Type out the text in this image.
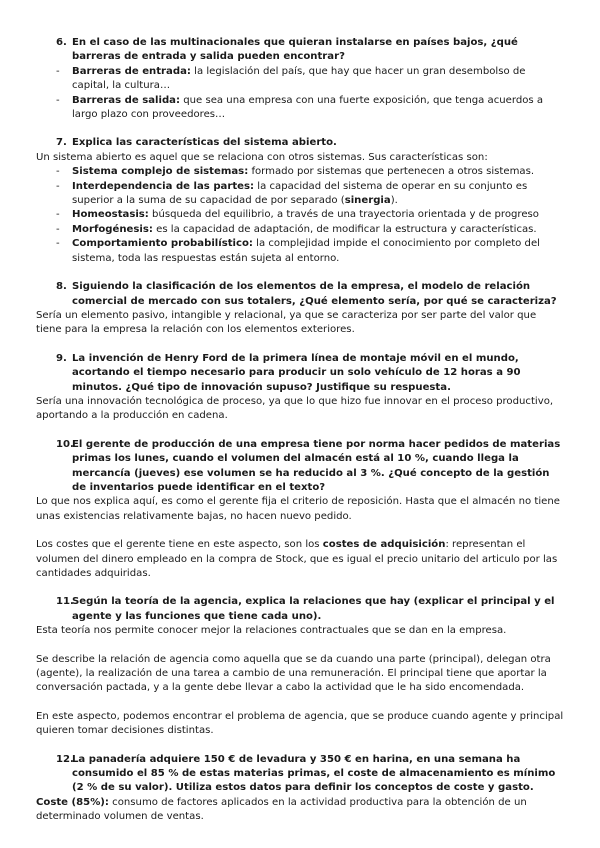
6. En el caso de las multinacionales que quieran instalarse en países bajos, ¿qué barreras de entrada y salida pueden encontrar?

- Barreras de entrada: la legislación del país, que hay que hacer un gran desembolso de capital, la cultura…
- Barreras de salida: que sea una empresa con una fuerte exposición, que tenga acuerdos a largo plazo con proveedores…

7. Explica las características del sistema abierto.

Un sistema abierto es aquel que se relaciona con otros sistemas. Sus características son:

- Sistema complejo de sistemas: formado por sistemas que pertenecen a otros sistemas.
- Interdependencia de las partes: la capacidad del sistema de operar en su conjunto es superior a la suma de su capacidad de por separado (sinergia).
- Homeostasis: búsqueda del equilibrio, a través de una trayectoria orientada y de progreso
- Morfogénesis: es la capacidad de adaptación, de modificar la estructura y características.
- Comportamiento probabilístico: la complejidad impide el conocimiento por completo del sistema, toda las respuestas están sujeta al entorno.

8. Siguiendo la clasificación de los elementos de la empresa, el modelo de relación comercial de mercado con sus totalers, ¿Qué elemento sería, por qué se caracteriza?

Sería un elemento pasivo, intangible y relacional, ya que se caracteriza por ser parte del valor que tiene para la empresa la relación con los elementos exteriores.

9. La invención de Henry Ford de la primera línea de montaje móvil en el mundo, acortando el tiempo necesario para producir un solo vehículo de 12 horas a 90 minutos. ¿Qué tipo de innovación supuso? Justifique su respuesta.

Sería una innovación tecnológica de proceso, ya que lo que hizo fue innovar en el proceso productivo, aportando a la producción en cadena.

10.
El gerente de producción de una empresa tiene por norma hacer pedidos de materias primas los lunes, cuando el volumen del almacén está al 10 %, cuando llega la mercancía (jueves) ese volumen se ha reducido al 3 %. ¿Qué concepto de la gestión de inventarios puede identificar en el texto?

Lo que nos explica aquí, es como el gerente fija el criterio de reposición. Hasta que el almacén no tiene unas existencias relativamente bajas, no hacen nuevo pedido.

Los costes que el gerente tiene en este aspecto, son los costes de adquisición: representan el volumen del dinero empleado en la compra de Stock, que es igual el precio unitario del articulo por las cantidades adquiridas.

11.
Según la teoría de la agencia, explica la relaciones que hay (explicar el principal y el agente y las funciones que tiene cada uno).

Esta teoría nos permite conocer mejor la relaciones contractuales que se dan en la empresa.

Se describe la relación de agencia como aquella que se da cuando una parte (principal), delegan otra (agente), la realización de una tarea a cambio de una remuneración. El principal tiene que aportar la conversación pactada, y a la gente debe llevar a cabo la actividad que le ha sido encomendada.

En este aspecto, podemos encontrar el problema de agencia, que se produce cuando agente y principal quieren tomar decisiones distintas.

12.
La panadería adquiere 150 € de levadura y 350 € en harina, en una semana ha consumido el 85 % de estas materias primas, el coste de almacenamiento es mínimo (2 % de su valor). Utiliza estos datos para definir los conceptos de coste y gasto.

Coste (85%): consumo de factores aplicados en la actividad productiva para la obtención de un determinado volumen de ventas.
